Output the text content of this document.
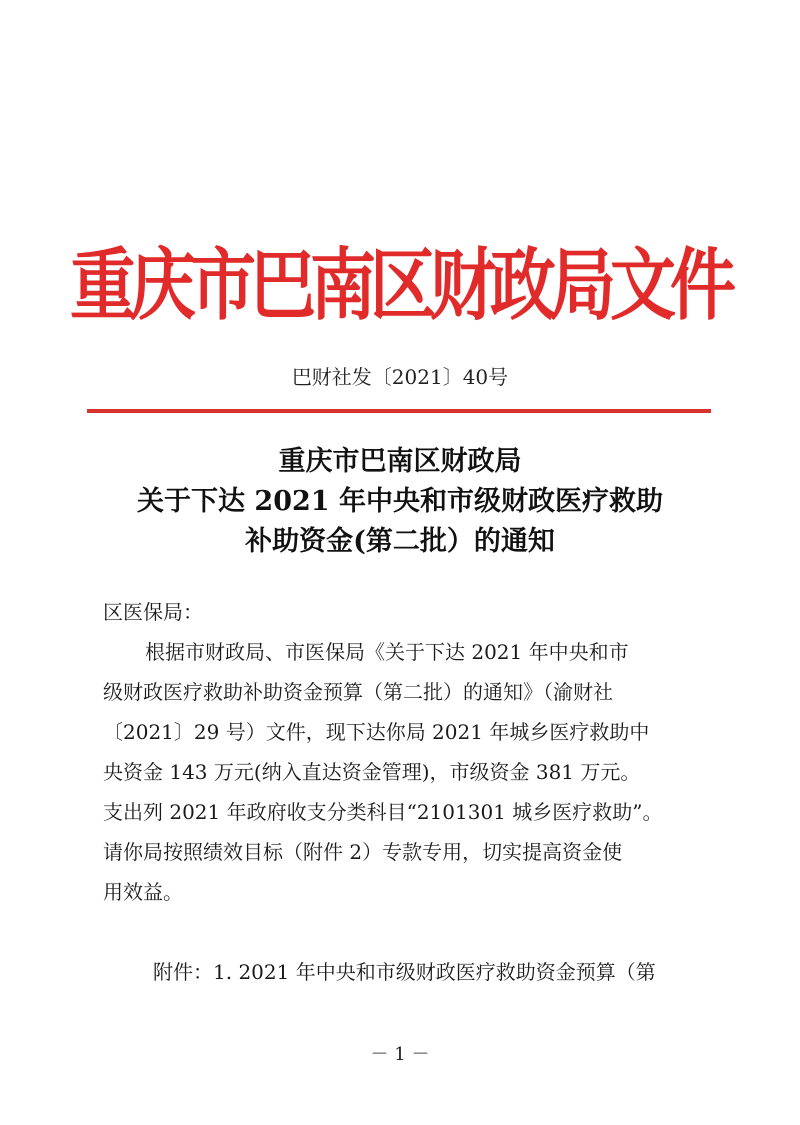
重庆市巴南区财政局文件
巴财社发〔2021〕40号
重庆市巴南区财政局
关于下达 2021 年中央和市级财政医疗救助
补助资金(第二批）的通知
区医保局：
根据市财政局、市医保局《关于下达 2021 年中央和市
级财政医疗救助补助资金预算（第二批）的通知》（渝财社
〔2021〕29 号）文件，现下达你局 2021 年城乡医疗救助中
央资金 143 万元(纳入直达资金管理)，市级资金 381 万元。
支出列 2021 年政府收支分类科目“2101301 城乡医疗救助”。
请你局按照绩效目标（附件 2）专款专用，切实提高资金使
用效益。
附件：1. 2021 年中央和市级财政医疗救助资金预算（第
－ 1 －
